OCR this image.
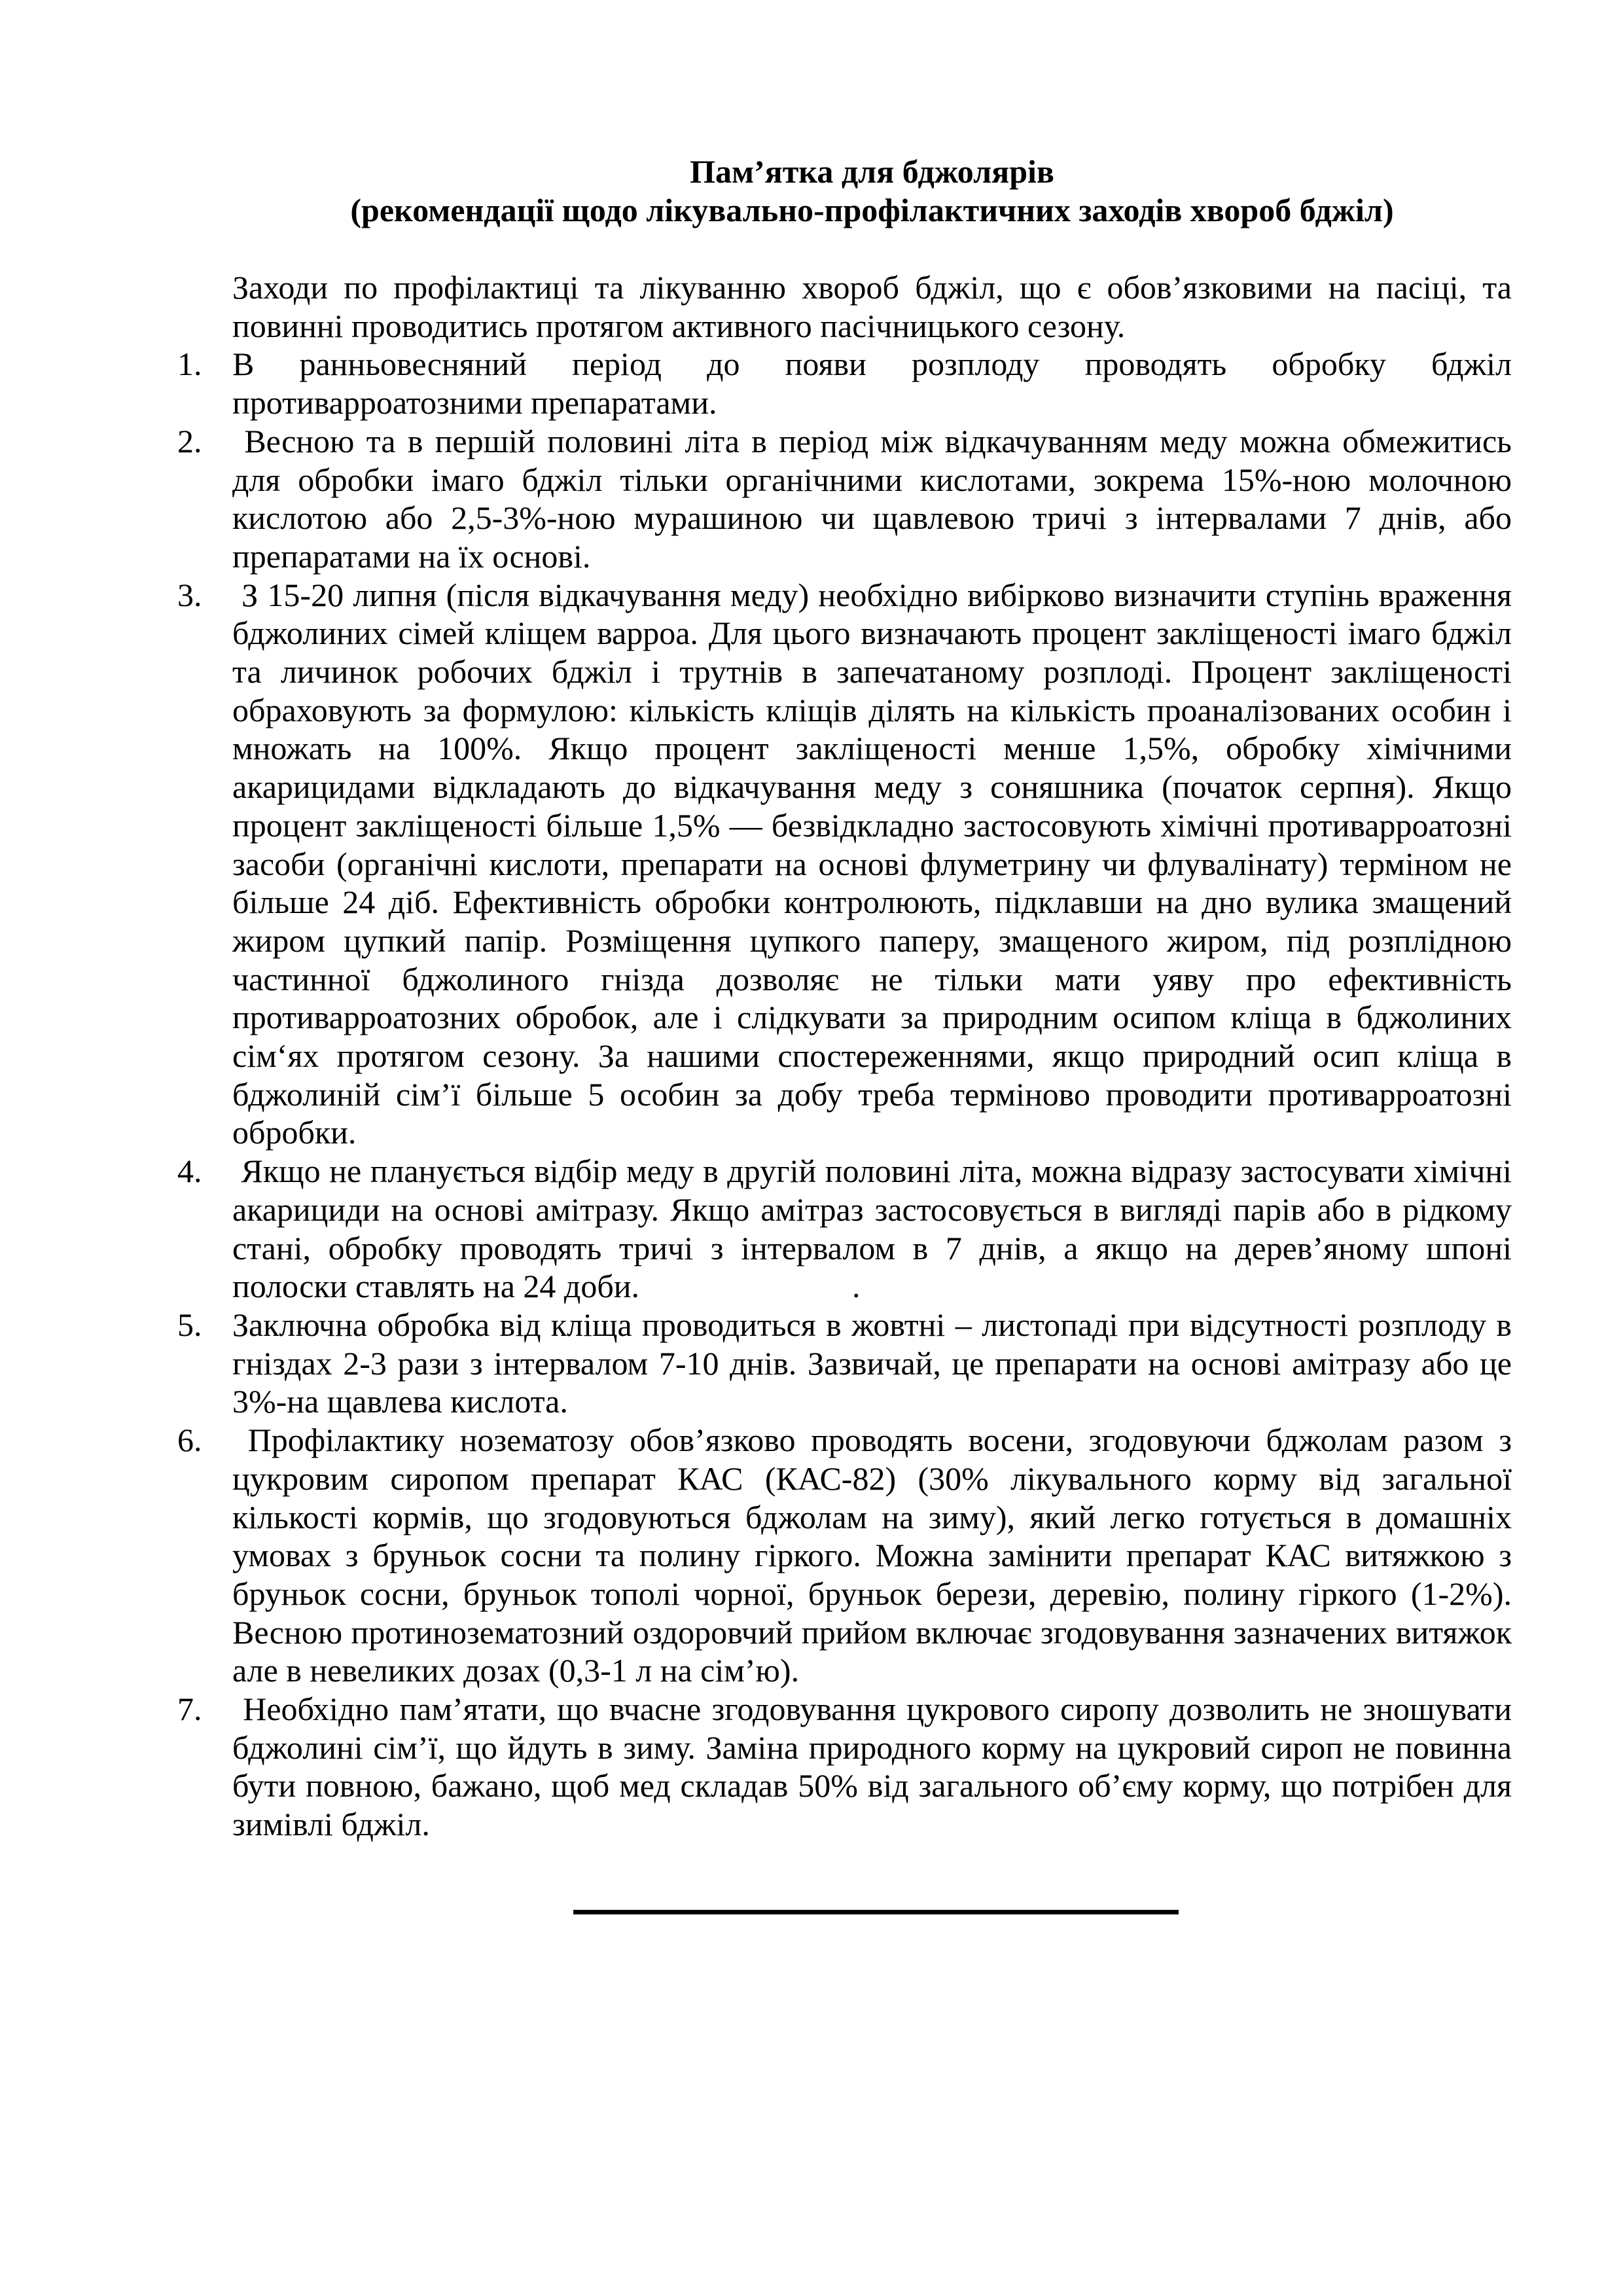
Пам’ятка для бджолярів
(рекомендації щодо лікувально-профілактичних заходів хвороб бджіл)

Заходи по профілактиці та лікуванню хвороб бджіл, що є обов’язковими на пасіці, та повинні проводитись протягом активного пасічницького сезону.

1. В ранньовесняний період до появи розплоду проводять обробку бджіл противарроатозними препаратами.
2. Весною та в першій половині літа в період між відкачуванням меду можна обмежитись для обробки імаго бджіл тільки органічними кислотами, зокрема 15%-ною молочною кислотою або 2,5-3%-ною мурашиною чи щавлевою тричі з інтервалами 7 днів, або препаратами на їх основі.
3. З 15-20 липня (після відкачування меду) необхідно вибірково визначити ступінь враження бджолиних сімей кліщем варроа. Для цього визначають процент закліщеності імаго бджіл та личинок робочих бджіл і трутнів в запечатаному розплоді. Процент закліщеності обраховують за формулою: кількість кліщів ділять на кількість проаналізованих особин і множать на 100%. Якщо процент закліщеності менше 1,5%, обробку хімічними акарицидами відкладають до відкачування меду з соняшника (початок серпня). Якщо процент закліщеності більше 1,5% — безвідкладно застосовують хімічні противарроатозні засоби (органічні кислоти, препарати на основі флуметрину чи флувалінату) терміном не більше 24 діб. Ефективність обробки контролюють, підклавши на дно вулика змащений жиром цупкий папір. Розміщення цупкого паперу, змащеного жиром, під розплідною частинної бджолиного гнізда дозволяє не тільки мати уяву про ефективність противарроатозних обробок, але і слідкувати за природним осипом кліща в бджолиних сім‘ях протягом сезону. За нашими спостереженнями, якщо природний осип кліща в бджолиній сім’ї більше 5 особин за добу треба терміново проводити противарроатозні обробки.
4. Якщо не планується відбір меду в другій половині літа, можна відразу застосувати хімічні акарициди на основі амітразу. Якщо амітраз застосовується в вигляді парів або в рідкому стані, обробку проводять тричі з інтервалом в 7 днів, а якщо на дерев’яному шпоні полоски ставлять на 24 доби.                          .
5. Заключна обробка від кліща проводиться в жовтні – листопаді при відсутності розплоду в гніздах 2-3 рази з інтервалом 7-10 днів. Зазвичай, це препарати на основі амітразу або це 3%-на щавлева кислота.
6. Профілактику нозематозу обов’язково проводять восени, згодовуючи бджолам разом з цукровим сиропом препарат КАС (КАС-82) (30% лікувального корму від загальної кількості кормів, що згодовуються бджолам на зиму), який легко готується в домашніх умовах з бруньок сосни та полину гіркого. Можна замінити препарат КАС витяжкою з бруньок сосни, бруньок тополі чорної, бруньок берези, деревію, полину гіркого (1-2%). Весною протинозематозний оздоровчий прийом включає згодовування зазначених витяжок але в невеликих дозах (0,3-1 л на сім’ю).
7. Необхідно пам’ятати, що вчасне згодовування цукрового сиропу дозволить не зношувати бджолині сім’ї, що йдуть в зиму. Заміна природного корму на цукровий сироп не повинна бути повною, бажано, щоб мед складав 50% від загального об’єму корму, що потрібен для зимівлі бджіл.
